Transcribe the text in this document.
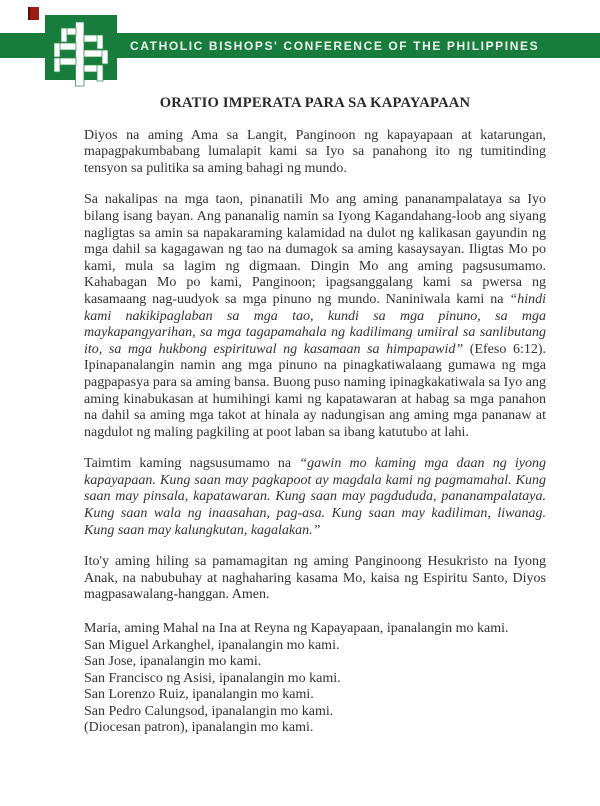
CATHOLIC BISHOPS' CONFERENCE OF THE PHILIPPINES
ORATIO IMPERATA PARA SA KAPAYAPAAN

Diyos na aming Ama sa Langit, Panginoon ng kapayapaan at katarungan, mapagpakumbabang lumalapit kami sa Iyo sa panahong ito ng tumitinding tensyon sa pulitika sa aming bahagi ng mundo.

Sa nakalipas na mga taon, pinanatili Mo ang aming pananampalataya sa Iyo bilang isang bayan. Ang pananalig namin sa Iyong Kagandahang-loob ang siyang nagligtas sa amin sa napakaraming kalamidad na dulot ng kalikasan gayundin ng mga dahil sa kagagawan ng tao na dumagok sa aming kasaysayan. Iligtas Mo po kami, mula sa lagim ng digmaan. Dingin Mo ang aming pagsusumamo. Kahabagan Mo po kami, Panginoon; ipagsanggalang kami sa pwersa ng kasamaang nag-uudyok sa mga pinuno ng mundo. Naniniwala kami na “hindi kami nakikipaglaban sa mga tao, kundi sa mga pinuno, sa mga maykapangyarihan, sa mga tagapamahala ng kadilimang umiiral sa sanlibutang ito, sa mga hukbong espirituwal ng kasamaan sa himpapawid” (Efeso 6:12). Ipinapanalangin namin ang mga pinuno na pinagkatiwalaang gumawa ng mga pagpapasya para sa aming bansa. Buong puso naming ipinagkakatiwala sa Iyo ang aming kinabukasan at humihingi kami ng kapatawaran at habag sa mga panahon na dahil sa aming mga takot at hinala ay nadungisan ang aming mga pananaw at nagdulot ng maling pagkiling at poot laban sa ibang katutubo at lahi.

Taimtim kaming nagsusumamo na “gawin mo kaming mga daan ng iyong kapayapaan. Kung saan may pagkapoot ay magdala kami ng pagmamahal. Kung saan may pinsala, kapatawaran. Kung saan may pagdududa, pananampalataya. Kung saan wala ng inaasahan, pag-asa. Kung saan may kadiliman, liwanag. Kung saan may kalungkutan, kagalakan.”

Ito'y aming hiling sa pamamagitan ng aming Panginoong Hesukristo na Iyong Anak, na nabubuhay at naghaharing kasama Mo, kaisa ng Espiritu Santo, Diyos magpasawalang-hanggan. Amen.

Maria, aming Mahal na Ina at Reyna ng Kapayapaan, ipanalangin mo kami.
San Miguel Arkanghel, ipanalangin mo kami.
San Jose, ipanalangin mo kami.
San Francisco ng Asisi, ipanalangin mo kami.
San Lorenzo Ruiz, ipanalangin mo kami.
San Pedro Calungsod, ipanalangin mo kami.
(Diocesan patron), ipanalangin mo kami.
